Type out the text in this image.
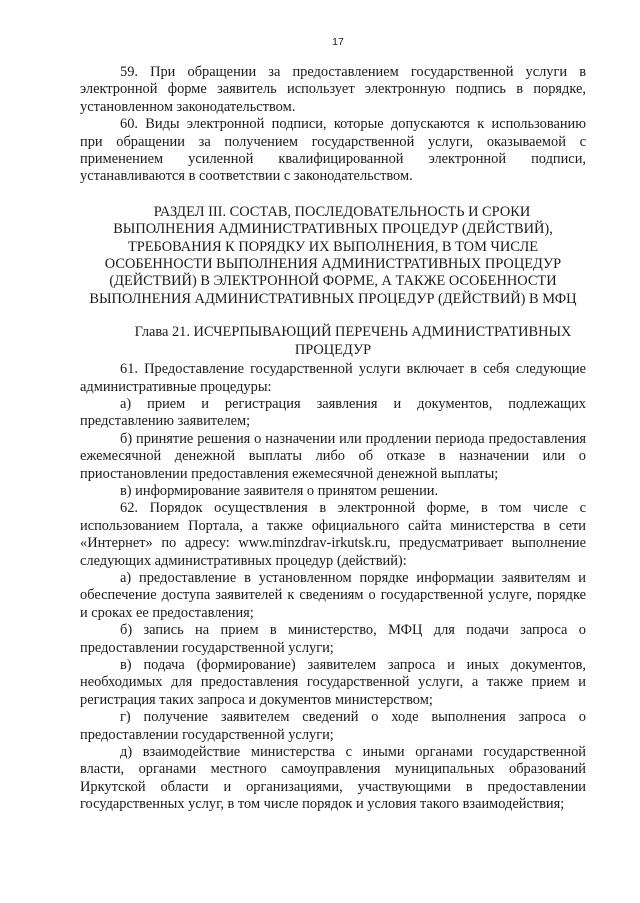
17

59. При обращении за предоставлением государственной услуги в электронной форме заявитель использует электронную подпись в порядке, установленном законодательством.

60. Виды электронной подписи, которые допускаются к использованию при обращении за получением государственной услуги, оказываемой с применением усиленной квалифицированной электронной подписи, устанавливаются в соответствии с законодательством.

РАЗДЕЛ III. СОСТАВ, ПОСЛЕДОВАТЕЛЬНОСТЬ И СРОКИ
ВЫПОЛНЕНИЯ АДМИНИСТРАТИВНЫХ ПРОЦЕДУР (ДЕЙСТВИЙ), ТРЕБОВАНИЯ К ПОРЯДКУ ИХ ВЫПОЛНЕНИЯ, В ТОМ ЧИСЛЕ ОСОБЕННОСТИ ВЫПОЛНЕНИЯ АДМИНИСТРАТИВНЫХ ПРОЦЕДУР (ДЕЙСТВИЙ) В ЭЛЕКТРОННОЙ ФОРМЕ, А ТАКЖЕ ОСОБЕННОСТИ ВЫПОЛНЕНИЯ АДМИНИСТРАТИВНЫХ ПРОЦЕДУР (ДЕЙСТВИЙ) В МФЦ
Глава 21. ИСЧЕРПЫВАЮЩИЙ ПЕРЕЧЕНЬ АДМИНИСТРАТИВНЫХ
ПРОЦЕДУР

61. Предоставление государственной услуги включает в себя следующие административные процедуры:

а) прием и регистрация заявления и документов, подлежащих представлению заявителем;

б) принятие решения о назначении или продлении периода предоставления ежемесячной денежной выплаты либо об отказе в назначении или о приостановлении предоставления ежемесячной денежной выплаты;

в) информирование заявителя о принятом решении.

62. Порядок осуществления в электронной форме, в том числе с использованием Портала, а также официального сайта министерства в сети «Интернет» по адресу: www.minzdrav-irkutsk.ru, предусматривает выполнение следующих административных процедур (действий):

а) предоставление в установленном порядке информации заявителям и обеспечение доступа заявителей к сведениям о государственной услуге, порядке и сроках ее предоставления;

б) запись на прием в министерство, МФЦ для подачи запроса о предоставлении государственной услуги;

в) подача (формирование) заявителем запроса и иных документов, необходимых для предоставления государственной услуги, а также прием и регистрация таких запроса и документов министерством;

г) получение заявителем сведений о ходе выполнения запроса о предоставлении государственной услуги;

д) взаимодействие министерства с иными органами государственной власти, органами местного самоуправления муниципальных образований Иркутской области и организациями, участвующими в предоставлении государственных услуг, в том числе порядок и условия такого взаимодействия;
